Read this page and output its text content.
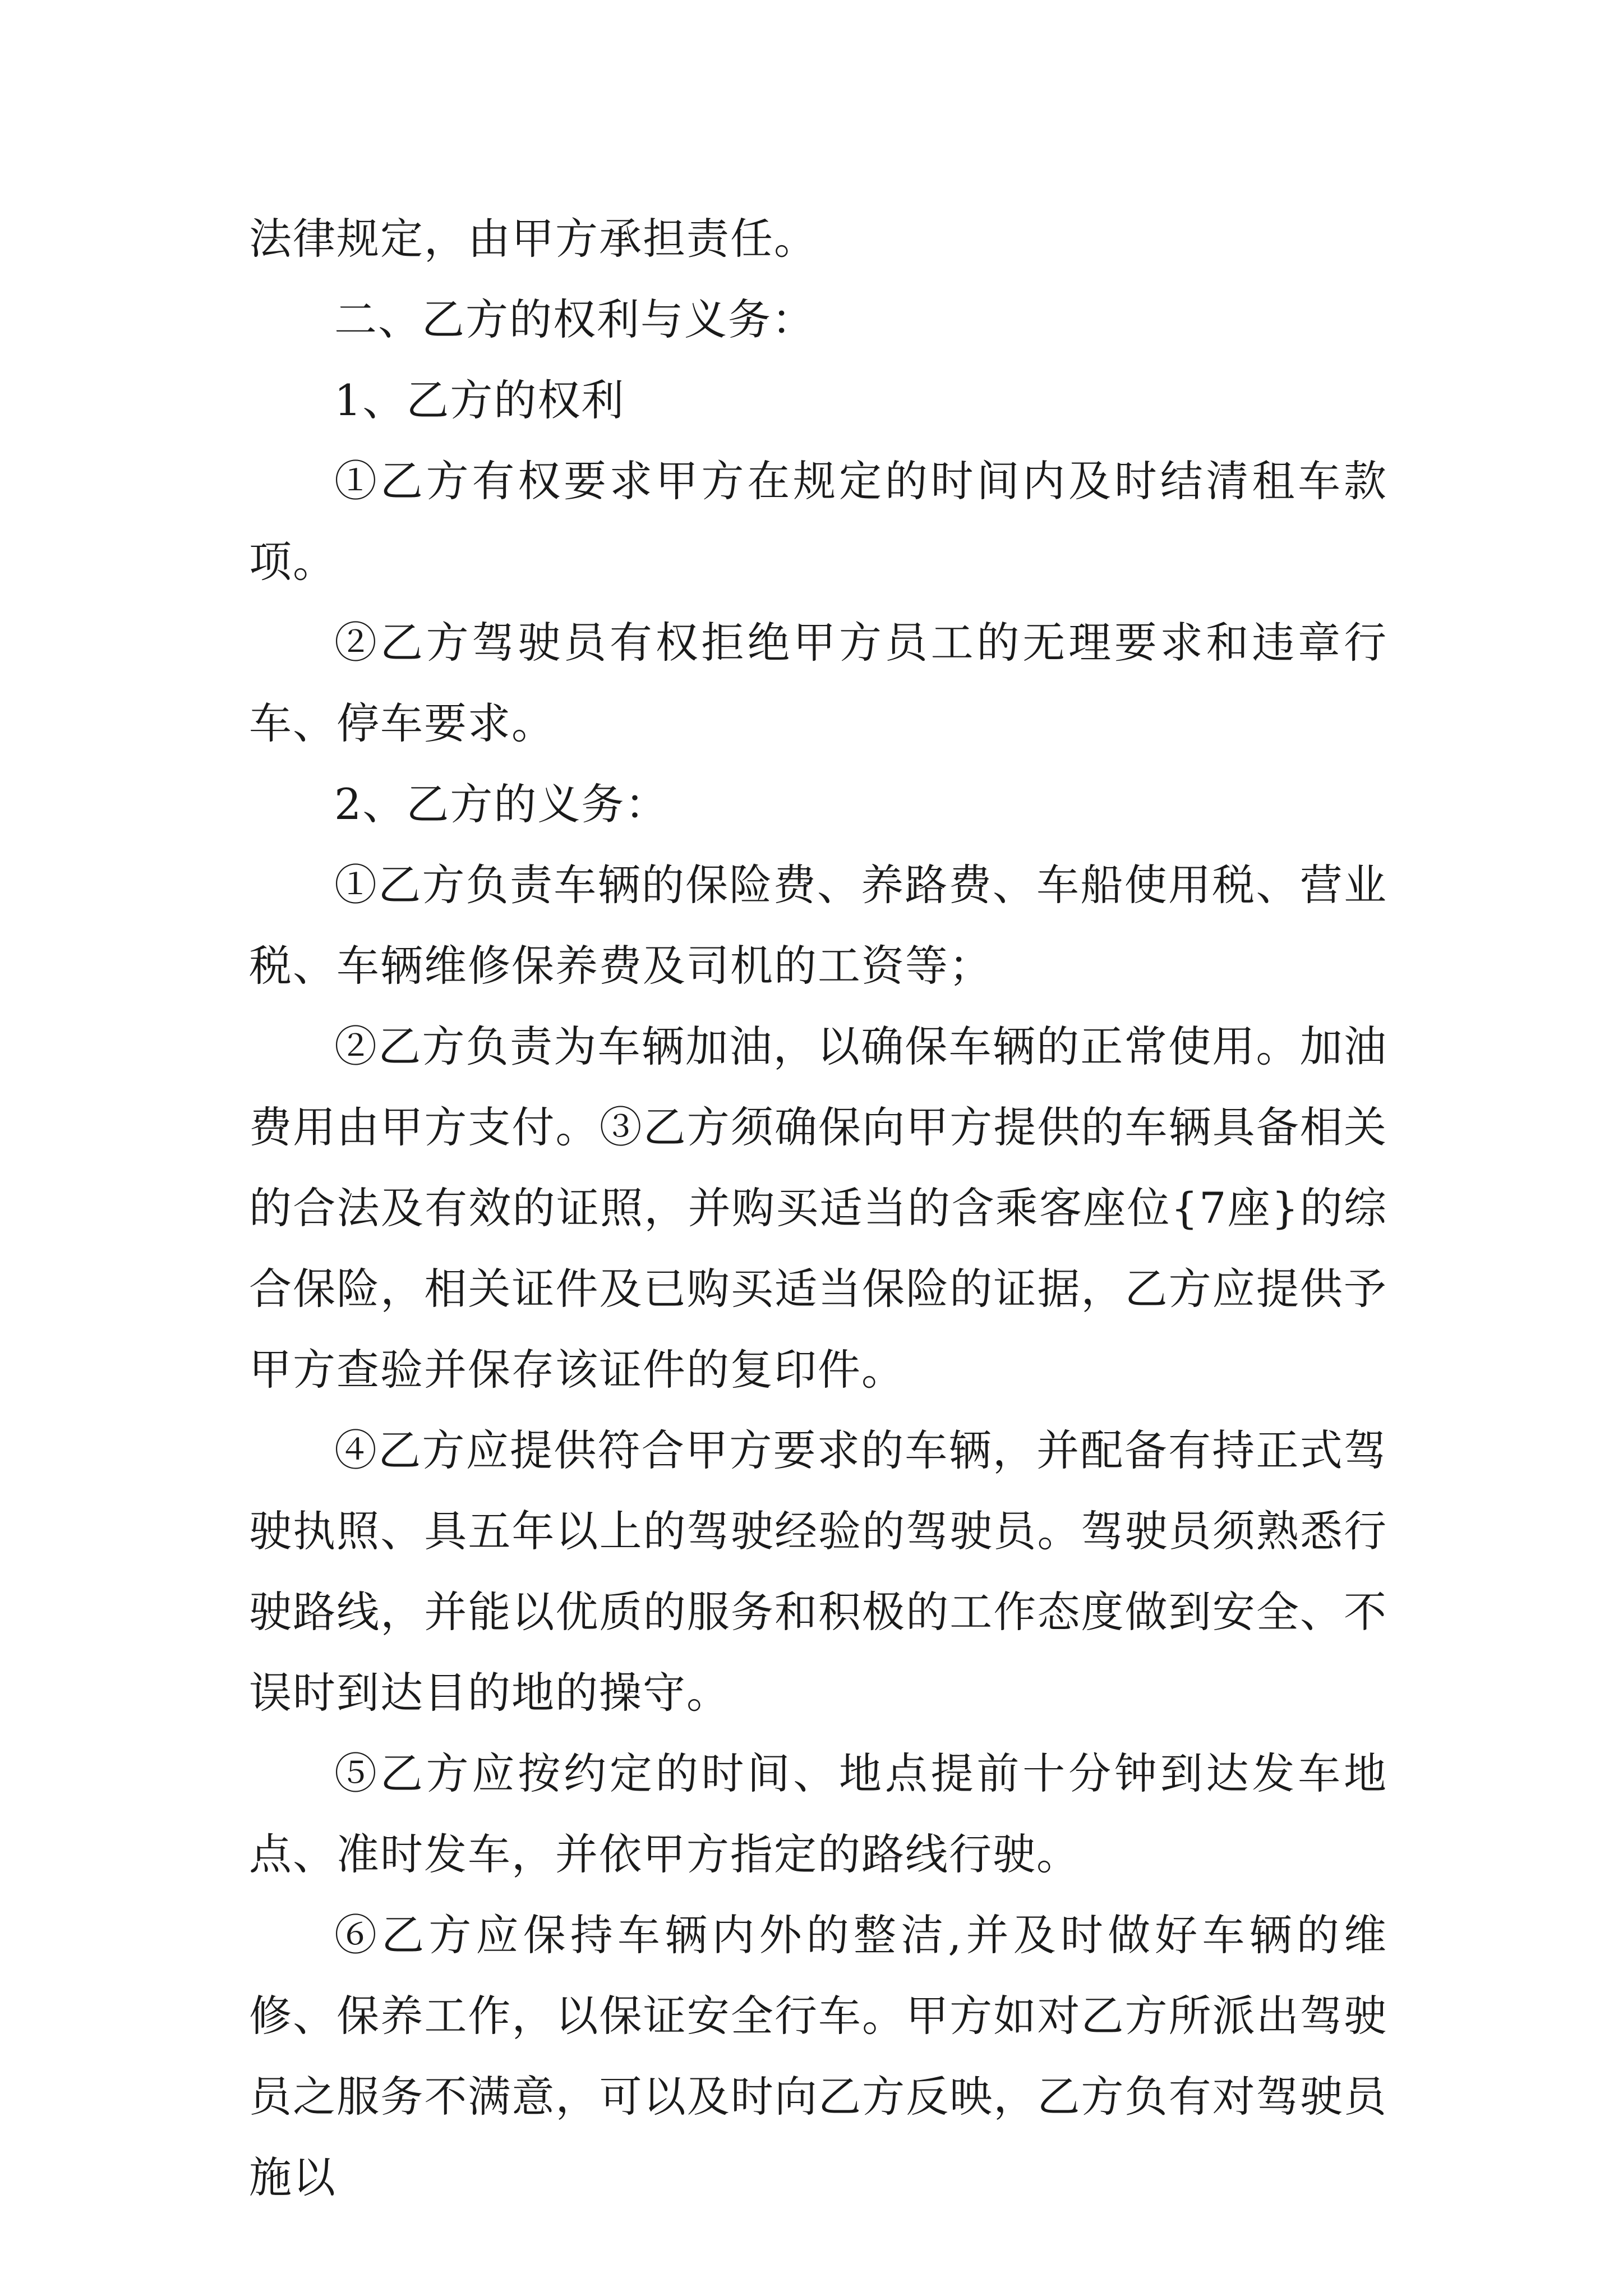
法律规定，由甲方承担责任。

二、乙方的权利与义务：

1、乙方的权利

①乙方有权要求甲方在规定的时间内及时结清租车款项。

②乙方驾驶员有权拒绝甲方员工的无理要求和违章行车、停车要求。

2、乙方的义务：

①乙方负责车辆的保险费、养路费、车船使用税、营业税、车辆维修保养费及司机的工资等；

②乙方负责为车辆加油，以确保车辆的正常使用。加油费用由甲方支付。③乙方须确保向甲方提供的车辆具备相关的合法及有效的证照，并购买适当的含乘客座位{7座}的综合保险，相关证件及已购买适当保险的证据，乙方应提供予甲方查验并保存该证件的复印件。

④乙方应提供符合甲方要求的车辆，并配备有持正式驾驶执照、具五年以上的驾驶经验的驾驶员。驾驶员须熟悉行驶路线，并能以优质的服务和积极的工作态度做到安全、不误时到达目的地的操守。

⑤乙方应按约定的时间、地点提前十分钟到达发车地点、准时发车，并依甲方指定的路线行驶。

⑥乙方应保持车辆内外的整洁,并及时做好车辆的维修、保养工作，以保证安全行车。甲方如对乙方所派出驾驶员之服务不满意，可以及时向乙方反映，乙方负有对驾驶员施以
